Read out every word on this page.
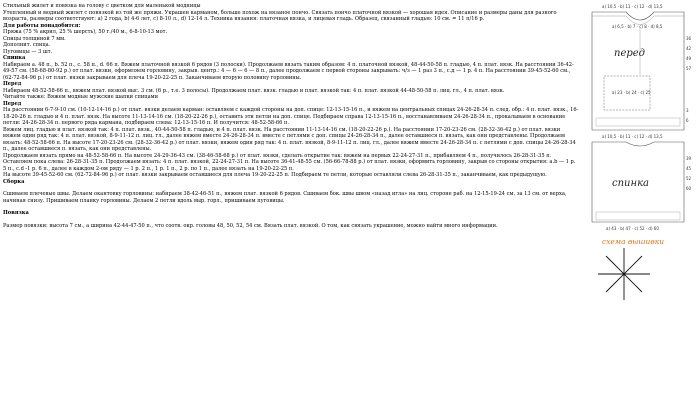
Стильный жилет и повязка на голову с цветком для маленькой модницы

Утепленный и модный жилет с повязкой из той же пряжи. Украшен карманом, больше похож на вязаное пончо. Связать пончо платочной вязкой — хорошая идея. Описание и размеры даны для разного возраста, размеры соответствуют: а) 2 года, b) 4-6 лет, c) 8-10 л., d) 12-14 л. Техника вязания: платочная вязка, и лицевая гладь. Образец, связанный гладью: 10 см. = 11 п/16 р.

Для работы понадобится:

Пряжа (75 % акрил, 25 % шерсть), 50 г./40 м., 6-8-10-13 мот.

Спицы толщиной 7 мм.

Дополнит. спица.

Пуговицы — 3 шт.

Спинка

Набираем а. 48 п., b. 52 п., c. 58 п., d. 66 п. Вяжем платочной вязкой 6 рядов (3 полоски). Продолжаем вязать таким образом: 4 п. платочной вязкой, 48-44-50-58 п. гладью, 4 п. плат. вязк. На расстоянии 36-42-49-57 см. (58-68-80-92 р.) от плат. вязки, оформляем горловину, закрыв. центр.: 4 — 6 — 6 — 8 п., далее продолжаем с первой стороны закрывать: ч/з — 1 раз 3 п., с.д — 1 р. 4 п. На расстоянии 39-45-52-60 см., (62-72-84-96 р.) от плат. вязки закрываем для плеча 19-20-22-25 п. Заканчиваем вторую половину горловины.

Перед

Набираем 48-52-58-66 п., вяжем плат. вязкой выс. 3 см. (6 р., т.е. 3 полосы). Продолжаем плат. вязк. гладью и плат. вязкой так: 4 п. плат. вязкой 44-48-50-58 п. лиц. гл., 4 п. плат. вязк.

Читайте также: Вяжем модные мужские шапки спицами

Перед

На расстоянии 6-7-9-10 см. (10-12-14-16 р.) от плат. вязки делаем карман: оставляем с каждой стороны на доп. спице: 12-13-15-16 п., и вяжем на центральных спицах 24-26-28-34 п. след. обр.: 4 п. плат. вязк., 16-18-20-26 п. гладью и 4 п. плат. вязк. На высоте 11-13-14-16 см. (18-20-22-26 р.), оставить эти петли на доп. спице. Подбираем справа 12-13-15-16 п., восстанавливаем 24-26-28-34 п., прокалываем в основание петли: 24-26-28-34 п. первого ряда кармана, подбираем слева: 12-13-15-16 п. И получится: 48-52-58-66 п.

Вяжем лиц. гладью и плат. вязкой так: 4 п. плат. вязк., 40-44-50-58 п. гладью, и 4 п. плат. вязк. На расстоянии 11-13-14-16 см. (18-20-22-26 р.). На расстоянии 17-20-23-26 см. (28-32-36-42 р.) от плат. вязки вяжем один ряд так: 4 п. плат. вязкой, 8-9-11-12 п. лиц. гл., далее вяжем вместе 24-26-28-34 п. вместе с петлями с доп. спицы 24-26-28-34 п., далее оставшиеся п. вязать, как они представлены. Продолжаем вязать: 48-52-58-66 п. На высоте 17-20-23-26 см. (28-32-36-42 р.) от плат. вязки, вяжем один ряд так: 4 п. плат. вязкой, 8-9-11-12 п. лиц. гл., далее вяжем вместе 24-26-28-34 п. с петлями с доп. спицы 24-26-28-34 п., далее оставшиеся п. вязать, как они представлены.

Продолжаем вязать прямо на 48-52-58-66 п. На высоте 24-29-36-43 см. (38-46-58-68 р.) от плат. вязки, сделать открытие так: вяжем на первых 22-24-27-31 п., прибавляем 4 п., получилось 26-28-31-35 п. Оставляем пока слева: 26-28-31-35 п. Продолжаем вязать: 4 п. плат. вязкой, 22-24-27-31 п. На высоте 36-41-48-55 см. (56-66-78-88 р.) от плат. вязки, оформить горловину, закрыв со стороны открытия: а.b — 1 р. 5 п., с.d -1 р. 6 п., далее в каждом 2-ом ряду — 1 р. 2 п., 1 р. 1 п., 2 р. по 1 п., далее вязать на 19-20-22-25 п.

На высоте 39-45-52-60 см. (62-72-84-96 р.) от плат. вязки закрываем оставшиеся для плеча 19-20-22-25 п. Подбираем те петли, которые оставляли слева 26-28-31-35 п., заканчиваем, как предыдущую.

Сборка

Сшиваем плечевые швы. Делаем окантовку горловины: набираем 38-42-46-51 п., вяжем плат. вязкой 6 рядов. Сшиваем бок. швы швом «назад игла» на лиц. стороне раб. на 12-15-19-24 см. за 13 см. от верха, начиная снизу. Пришиваем планку горловины. Делаем 2 петли вдоль выр. горл., пришиваем пуговицы.

Повязка

Размер повязки: высота 7 см., а ширина 42-44-47-50 п., что соотв. окр. головы 48, 50, 52, 54 см. Вязать плат. вязкой. О том, как связать украшение, можно найти много информации.

a) 10,5 · b) 11 · c) 12 · d) 13,5
a) 6,5 · b) 7 · c) 8 · d) 8,5
перед
a) 23 · b) 24 · c) 25
36
42
49
57
3
6
a) 10,5 · b) 11 · c) 12 · d) 13,5
спинка
39
45
52
60
a) 43 · b) 47 · c) 52 · d) 60
схема вышивки
